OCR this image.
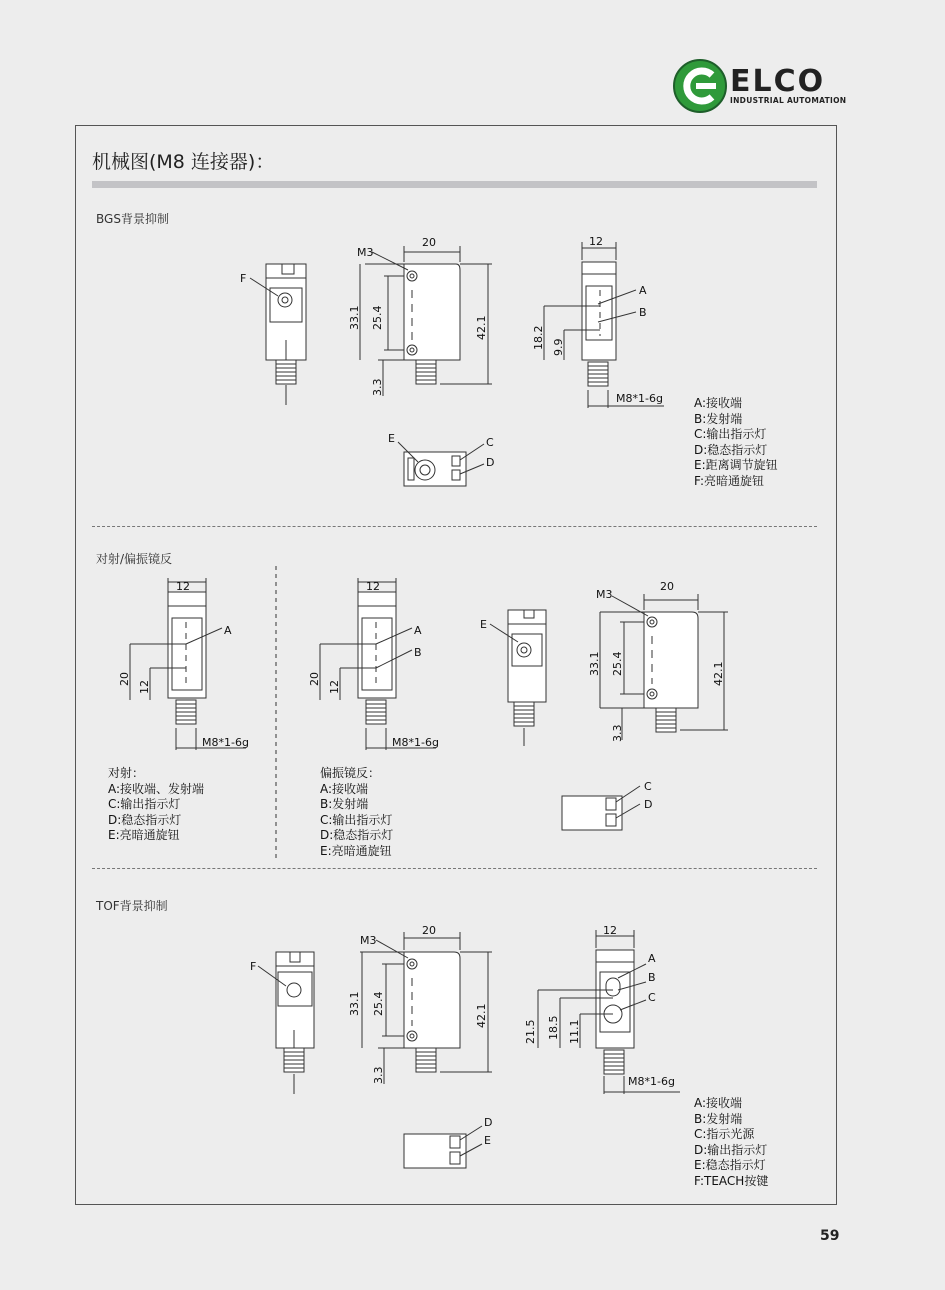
ELCO
INDUSTRIAL AUTOMATION
机械图(M8 连接器)：
BGS背景抑制
20
M3
12
M8*1-6g
33.1 25.4	42.1
3.3
18.2 9.9
F
A
B
E	C
D
12
20
12
M8*1-6g
A
12
20
12
M8*1-6g
A
B
E
20
M3
33.1 25.4	42.1
3.3
C
D
20
M3
33.1 25.4	42.1
3.3
F
12
21.5 18.5 11.1
M8*1-6g
A
B
C
D
E
A:接收端
B:发射端
C:输出指示灯
D:稳态指示灯
E:距离调节旋钮
F:亮暗通旋钮
对射/偏振镜反
对射：
A:接收端、发射端
C:输出指示灯
D:稳态指示灯
E:亮暗通旋钮
偏振镜反：
A:接收端
B:发射端
C:输出指示灯
D:稳态指示灯
E:亮暗通旋钮
TOF背景抑制
A:接收端
B:发射端
C:指示光源
D:输出指示灯
E:稳态指示灯
F:TEACH按键
59
